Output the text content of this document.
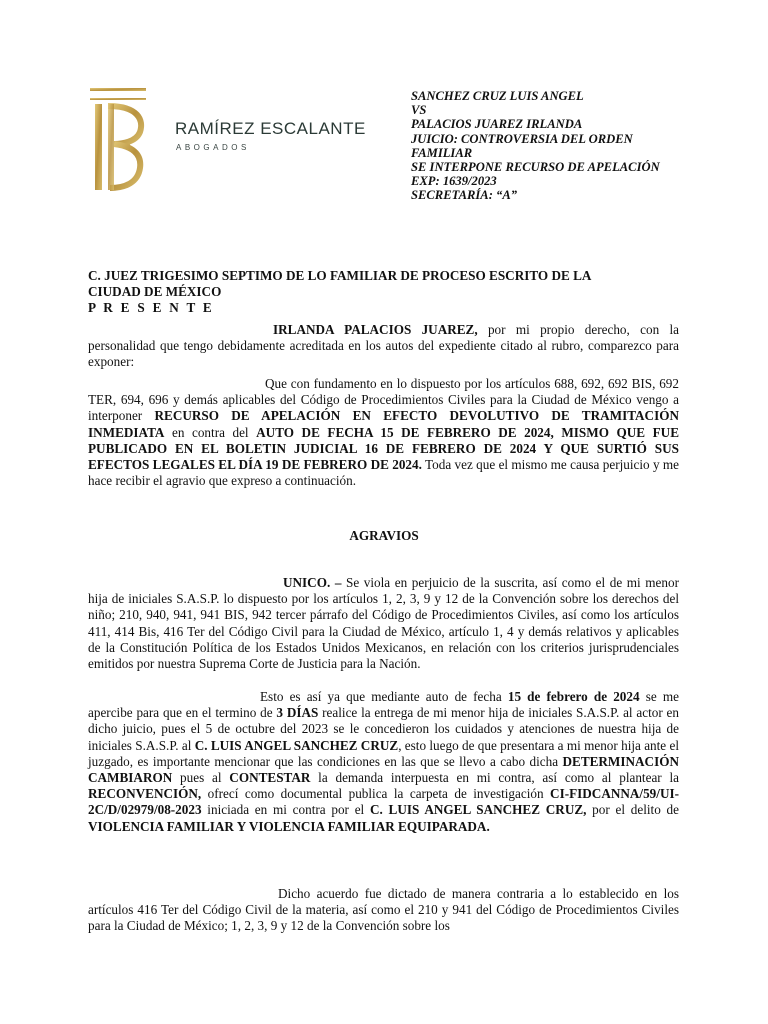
RAMÍREZ ESCALANTE
ABOGADOS
SANCHEZ CRUZ LUIS ANGEL
VS
PALACIOS JUAREZ IRLANDA
JUICIO: CONTROVERSIA DEL ORDEN
FAMILIAR
SE INTERPONE RECURSO DE APELACIÓN
EXP: 1639/2023
SECRETARÍA: “A”
C. JUEZ TRIGESIMO SEPTIMO DE LO FAMILIAR DE PROCESO ESCRITO DE LA
CIUDAD DE MÉXICO
P R E S E N T E
IRLANDA PALACIOS JUAREZ, por mi propio derecho, con la personalidad que tengo debidamente acreditada en los autos del expediente citado al rubro, comparezco para exponer:
Que con fundamento en lo dispuesto por los artículos 688, 692, 692 BIS, 692 TER, 694, 696 y demás aplicables del Código de Procedimientos Civiles para la Ciudad de México vengo a interponer RECURSO DE APELACIÓN EN EFECTO DEVOLUTIVO DE TRAMITACIÓN INMEDIATA en contra del AUTO DE FECHA 15 DE FEBRERO DE 2024, MISMO QUE FUE PUBLICADO EN EL BOLETIN JUDICIAL 16 DE FEBRERO DE 2024 Y QUE SURTIÓ SUS EFECTOS LEGALES EL DÍA 19 DE FEBRERO DE 2024. Toda vez que el mismo me causa perjuicio y me hace recibir el agravio que expreso a continuación.
AGRAVIOS
UNICO. – Se viola en perjuicio de la suscrita, así como el de mi menor hija de iniciales S.A.S.P. lo dispuesto por los artículos 1, 2, 3, 9 y 12 de la Convención sobre los derechos del niño; 210, 940, 941, 941 BIS, 942 tercer párrafo del Código de Procedimientos Civiles, así como los artículos 411, 414 Bis, 416 Ter del Código Civil para la Ciudad de México, artículo 1, 4 y demás relativos y aplicables de la Constitución Política de los Estados Unidos Mexicanos, en relación con los criterios jurisprudenciales emitidos por nuestra Suprema Corte de Justicia para la Nación.
Esto es así ya que mediante auto de fecha 15 de febrero de 2024 se me apercibe para que en el termino de 3 DÍAS realice la entrega de mi menor hija de iniciales S.A.S.P. al actor en dicho juicio, pues el 5 de octubre del 2023 se le concedieron los cuidados y atenciones de nuestra hija de iniciales S.A.S.P. al C. LUIS ANGEL SANCHEZ CRUZ, esto luego de que presentara a mi menor hija ante el juzgado, es importante mencionar que las condiciones en las que se llevo a cabo dicha DETERMINACIÓN CAMBIARON pues al CONTESTAR la demanda interpuesta en mi contra, así como al plantear la RECONVENCIÓN, ofrecí como documental publica la carpeta de investigación CI-FIDCANNA/59/UI-2C/D/02979/08-2023 iniciada en mi contra por el C. LUIS ANGEL SANCHEZ CRUZ, por el delito de VIOLENCIA FAMILIAR Y VIOLENCIA FAMILIAR EQUIPARADA.
Dicho acuerdo fue dictado de manera contraria a lo establecido en los artículos 416 Ter del Código Civil de la materia, así como el 210 y 941 del Código de Procedimientos Civiles para la Ciudad de México; 1, 2, 3, 9 y 12 de la Convención sobre los
